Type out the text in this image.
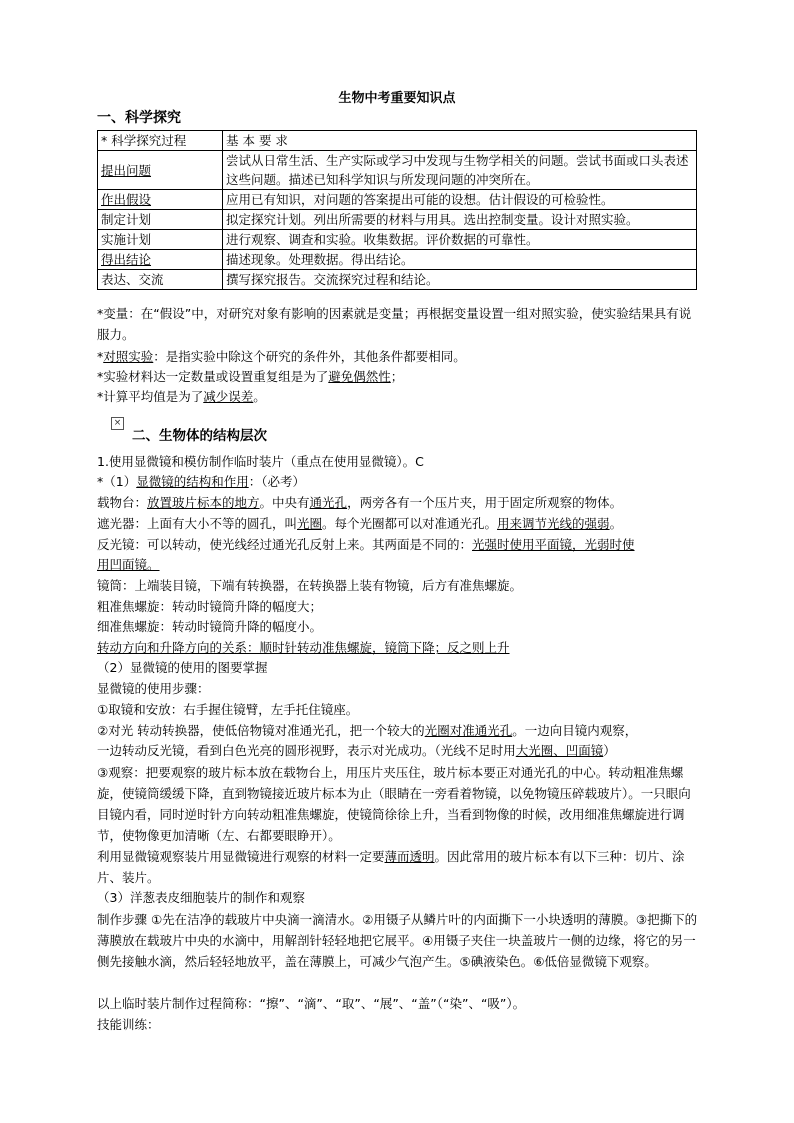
生物中考重要知识点
一、科学探究
* 科学探究过程	基 本 要 求
提出问题	尝试从日常生活、生产实际或学习中发现与生物学相关的问题。尝试书面或口头表述这些问题。描述已知科学知识与所发现问题的冲突所在。
作出假设	应用已有知识，对问题的答案提出可能的设想。估计假设的可检验性。
制定计划	拟定探究计划。列出所需要的材料与用具。选出控制变量。设计对照实验。
实施计划	进行观察、调查和实验。收集数据。评价数据的可靠性。
得出结论	描述现象。处理数据。得出结论。
表达、交流	撰写探究报告。交流探究过程和结论。
*变量：在“假设”中，对研究对象有影响的因素就是变量；再根据变量设置一组对照实验，使实验结果具有说服力。
*对照实验：是指实验中除这个研究的条件外，其他条件都要相同。
*实验材料达一定数量或设置重复组是为了避免偶然性；
*计算平均值是为了减少误差。
×
二、生物体的结构层次
1.使用显微镜和模仿制作临时装片（重点在使用显微镜）。C
*（1）显微镜的结构和作用：（必考）
载物台：放置玻片标本的地方。中央有通光孔，两旁各有一个压片夹，用于固定所观察的物体。
遮光器：上面有大小不等的圆孔，叫光圈。每个光圈都可以对准通光孔。用来调节光线的强弱。
反光镜：可以转动，使光线经过通光孔反射上来。其两面是不同的：光强时使用平面镜，光弱时使
用凹面镜。
镜筒：上端装目镜，下端有转换器，在转换器上装有物镜，后方有准焦螺旋。
粗准焦螺旋：转动时镜筒升降的幅度大；
细准焦螺旋：转动时镜筒升降的幅度小。
转动方向和升降方向的关系：顺时针转动准焦螺旋，镜筒下降；反之则上升
（2）显微镜的使用的图要掌握
显微镜的使用步骤：
①取镜和安放：右手握住镜臂，左手托住镜座。
②对光 转动转换器，使低倍物镜对准通光孔，把一个较大的光圈对准通光孔。一边向目镜内观察，
一边转动反光镜，看到白色光亮的圆形视野，表示对光成功。（光线不足时用大光圈、凹面镜）
③观察：把要观察的玻片标本放在载物台上，用压片夹压住，玻片标本要正对通光孔的中心。转动粗准焦螺旋，使镜筒缓缓下降，直到物镜接近玻片标本为止（眼睛在一旁看着物镜，以免物镜压碎载玻片）。一只眼向目镜内看，同时逆时针方向转动粗准焦螺旋，使镜筒徐徐上升，当看到物像的时候，改用细准焦螺旋进行调节，使物像更加清晰（左、右都要眼睁开）。
利用显微镜观察装片用显微镜进行观察的材料一定要薄而透明。因此常用的玻片标本有以下三种：切片、涂片、装片。
（3）洋葱表皮细胞装片的制作和观察
制作步骤 ①先在洁净的载玻片中央滴一滴清水。②用镊子从鳞片叶的内面撕下一小块透明的薄膜。③把撕下的薄膜放在载玻片中央的水滴中，用解剖针轻轻地把它展平。④用镊子夹住一块盖玻片一侧的边缘，将它的另一侧先接触水滴，然后轻轻地放平，盖在薄膜上，可减少气泡产生。⑤碘液染色。⑥低倍显微镜下观察。
以上临时装片制作过程简称：“擦”、“滴”、“取”、“展”、“盖”（“染”、“吸”）。
技能训练：
